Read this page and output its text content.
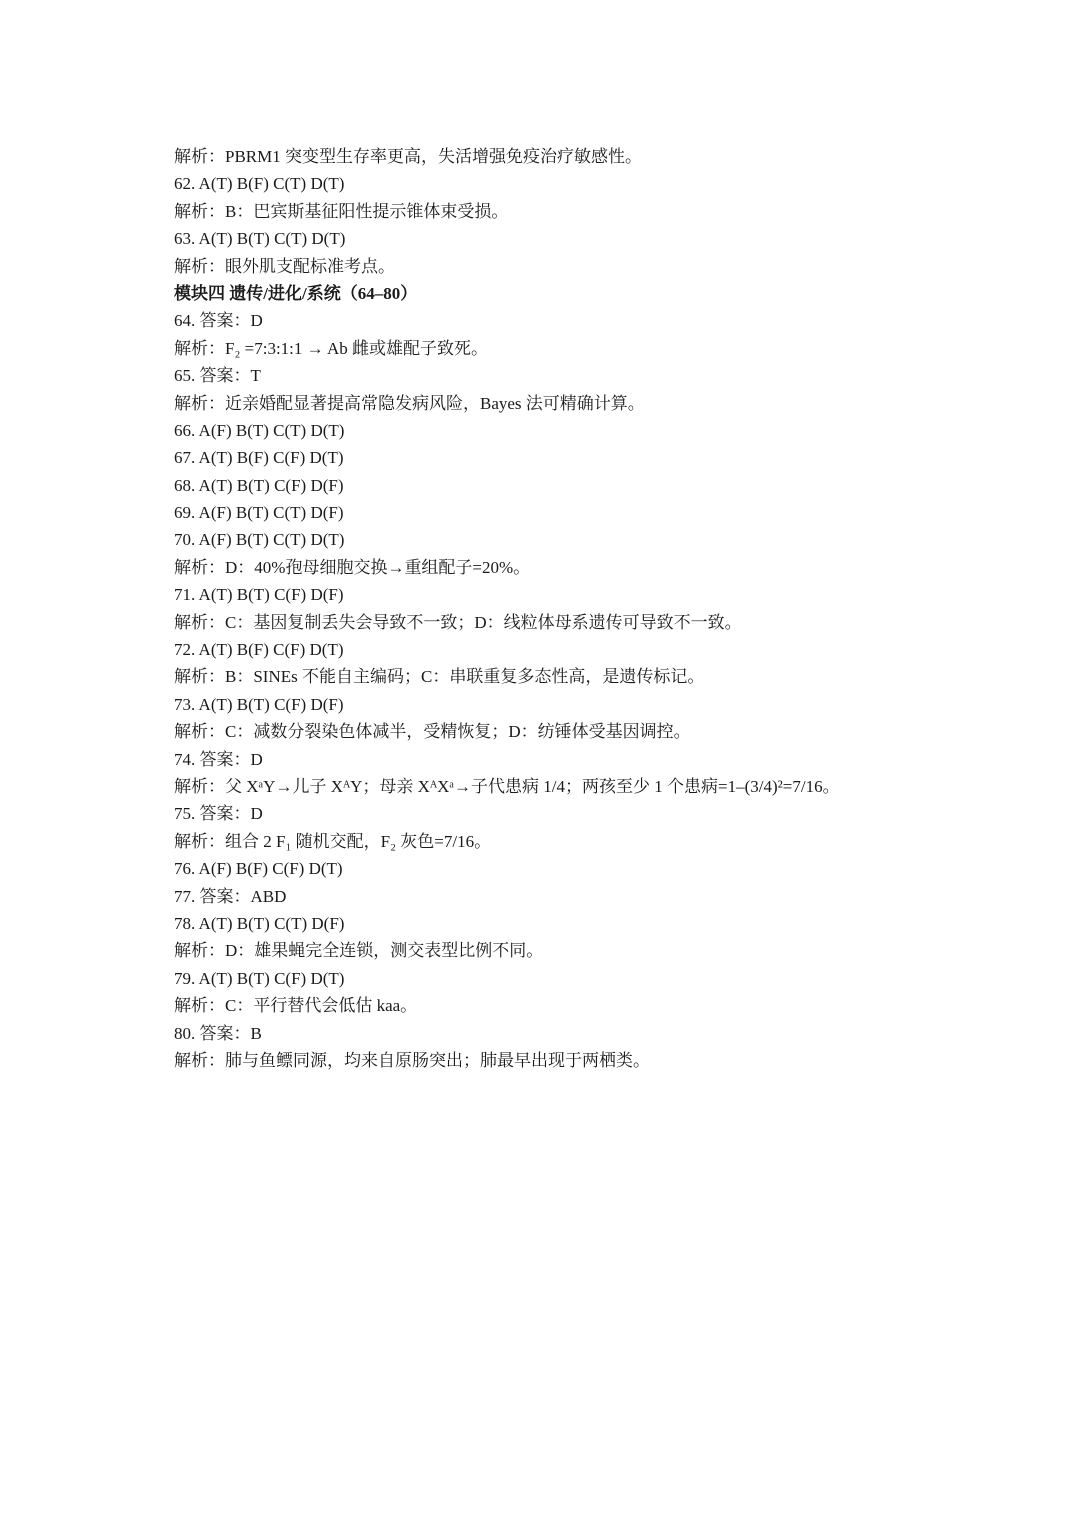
解析：PBRM1 突变型生存率更高，失活增强免疫治疗敏感性。
62. A(T) B(F) C(T) D(T)
解析：B：巴宾斯基征阳性提示锥体束受损。
63. A(T) B(T) C(T) D(T)
解析：眼外肌支配标准考点。
模块四 遗传/进化/系统（64–80）
64. 答案：D
解析：F₂ =7:3:1:1 → Ab 雌或雄配子致死。
65. 答案：T
解析：近亲婚配显著提高常隐发病风险，Bayes 法可精确计算。
66. A(F) B(T) C(T) D(T)
67. A(T) B(F) C(F) D(T)
68. A(T) B(T) C(F) D(F)
69. A(F) B(T) C(T) D(F)
70. A(F) B(T) C(T) D(T)
解析：D：40%孢母细胞交换→重组配子=20%。
71. A(T) B(T) C(F) D(F)
解析：C：基因复制丢失会导致不一致；D：线粒体母系遗传可导致不一致。
72. A(T) B(F) C(F) D(T)
解析：B：SINEs 不能自主编码；C：串联重复多态性高，是遗传标记。
73. A(T) B(T) C(F) D(F)
解析：C：减数分裂染色体减半，受精恢复；D：纺锤体受基因调控。
74. 答案：D
解析：父 XᵃY→儿子 XᴬY；母亲 XᴬXᵃ→子代患病 1/4；两孩至少 1 个患病=1–(3/4)²=7/16。
75. 答案：D
解析：组合 2 F₁ 随机交配，F₂ 灰色=7/16。
76. A(F) B(F) C(F) D(T)
77. 答案：ABD
78. A(T) B(T) C(T) D(F)
解析：D：雄果蝇完全连锁，测交表型比例不同。
79. A(T) B(T) C(F) D(T)
解析：C：平行替代会低估 kaa。
80. 答案：B
解析：肺与鱼鳔同源，均来自原肠突出；肺最早出现于两栖类。
